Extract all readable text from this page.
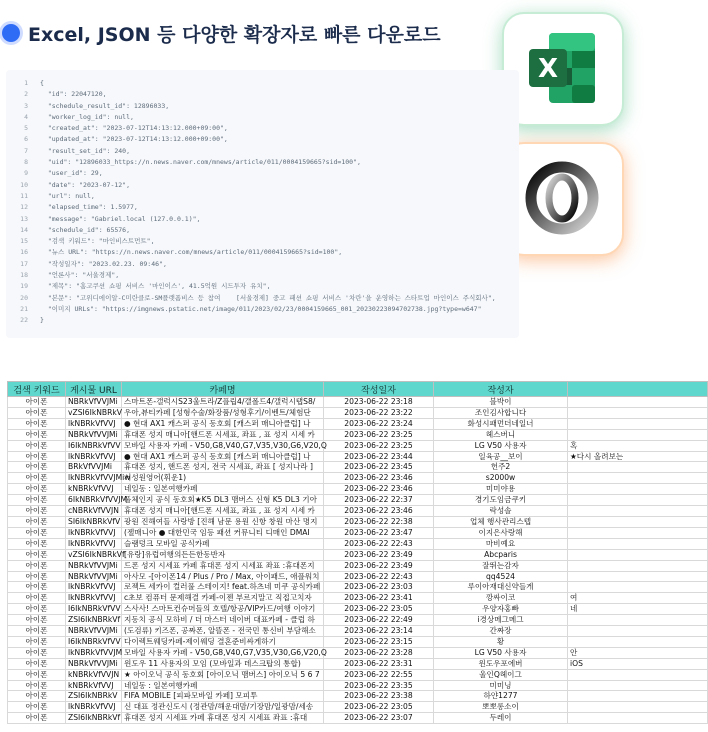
Excel, JSON 등 다양한 확장자로 빠른 다운로드
X
1	{
2	"id": 22047120,
3	"schedule_result_id": 12896033,
4	"worker_log_id": null,
5	"created_at": "2023-07-12T14:13:12.000+09:00",
6	"updated_at": "2023-07-12T14:13:12.000+09:00",
7	"result_set_id": 240,
8	"uid": "12896033_https://n.news.naver.com/mnews/article/011/0004159665?sid=100",
9	"user_id": 29,
10	"date": "2023-07-12",
11	"url": null,
12	"elapsed_time": 1.5977,
13	"message": "Gabriel.local (127.0.0.1)",
14	"schedule_id": 65576,
15	"검색 키워드": "마인비스트먼트",
16	"뉴스 URL": "https://n.news.naver.com/mnews/article/011/0004159665?sid=100",
17	"작성일자": "2023.02.23. 09:46",
18	"언론사": "서울경제",
19	"제목": "홈고쿠션 쇼핑 서비스 '마인이스', 41.5억원 시드투자 유치",
20	"본문": "고위디에이알-C미란클로-SM플랫폼비스 등 참여    [서울경제] 중고 패션 쇼핑 서비스 '차란'을 운영하는 스타트업 마인이스 주식회사",
21	"이미지 URLs": "https://imgnews.pstatic.net/image/011/2023/02/23/0004159665_001_20230223094702738.jpg?type=w647"
22	}
검색 키워드	게시물 URL	카페명	작성일자	작성자	
아이폰	NBRkVfVVJMi	스마트폰-갤럭시S23울트라/Z플립4/갤폴드4/갤럭시탭S8/	2023-06-22 23:18	블박이	
아이폰	vZSI6IkNBRkV	우아,뷰티카페 [성형수술/화장품/성형후기/이벤트/체험단	2023-06-22 23:22	조인김사합니다	
아이폰	lkNBRkVfVVJ	● 현대 AX1 캐스퍼 공식 동호회 [캐스퍼 매니아클럽] 나	2023-06-22 23:24	화성시패먼더네일너	
아이폰	NBRkVfVVJMi	휴대폰 성지 매니아[핸드폰 시세표, 좌표 , 표 성지 시세 카	2023-06-22 23:25	헤스버니	
아이폰	I6IkNBRkVfVV	모바일 사용자 카페 - V50,G8,V40,G7,V35,V30,G6,V20,Q	2023-06-22 23:25	LG V50 사용자	혹
아이폰	lkNBRkVfVVJ	● 현대 AX1 캐스퍼 공식 동호회 [캐스퍼 매니아클럽] 나	2023-06-22 23:44	일육공__보이	★다시 올려보는
아이폰	BRkVfVVJMi	휴대폰 성지, 핸드폰 성지, 전국 시세표, 좌표 [ 성지나라 ]	2023-06-22 23:45	헌주2	
아이폰	lkNBRkVfVVJMiw	서성원영어(휘운1)	2023-06-22 23:46	s2000w	
아이폰	kNBRkVfVVJ	네일동 : 일본여행카페	2023-06-22 23:46	미미야용	
아이폰	6IkNBRkVfVVJM	풀체인지 공식 동호회★K5 DL3 맴버스 신형 K5 DL3 기아	2023-06-22 22:37	경기도임금쿠키	
아이폰	cNBRkVfVVJN	휴대폰 성지 매니아[핸드폰 시세표, 좌표 , 표 성지 시세 카	2023-06-22 23:46	락성솔	
아이폰	SI6IkNBRkVfV	광원 진해여들 사랑방 [진해 남문 용원 신항 창원 마산 명지	2023-06-22 22:38	업체 행사관리스텝	
아이폰	lkNBRkVfVVJ	(젤매니아 ● 대한민국 임등 패션 커뮤니티 디매인 DMAI	2023-06-22 23:47	이지은사랑해	
아이폰	lkNBRkVfVVJ	슬램덩크 모바일 공식카페	2023-06-22 22:43	마비예요	
아이폰	vZSI6IkNBRkVf	[유랑]유럽여행의든든한동반자	2023-06-22 23:49	Abcparis	
아이폰	NBRkVfVVJMi	드폰 성지 시세표 카페 휴대폰 성지 시세표 좌표 :휴대폰지	2023-06-22 23:49	잘뛰는감자	
아이폰	NBRkVfVVJMi	아사모 -[아이폰14 / Plus / Pro / Max, 아이패드, 애플워치	2023-06-22 22:43	qq4524	
아이폰	lkNBRkVfVVJ	로젝트 세카이 컬러풀 스테이지! feat.하츠네 미쿠 공식카페	2023-06-22 23:03	루이아재대신약들게	
아이폰	lkNBRkVfVVJ	c초보 컴퓨터 문제해결 카페-이젠 부르지말고 직접고치자	2023-06-22 23:41	깡싸이코	여
아이폰	I6IkNBRkVfVV	스사사! 스마트컨슈머들의 호텔/항공/VIP카드/여행 이야기	2023-06-22 23:05	우양자홍빠	네
아이폰	ZSI6IkNBRkVf	지동치 공식 모하비 / 더 마스터 네이버 대표카페 - 클럽 하	2023-06-22 22:49	i경상메그메그	
아이폰	NBRkVfVVJMi	(도검류) 키즈폰, 공짜폰, 알뜰폰 - 전국민 통신비 부담해소	2023-06-22 23:14	간짜장	
아이폰	I6IkNBRkVfVV	다이렉트웨딩카페-제이웨딩 결혼준비싸게하기	2023-06-22 23:15	황	
아이폰	lkNBRkVfVVJM	모바일 사용자 카페 - V50,G8,V40,G7,V35,V30,G6,V20,Q	2023-06-22 23:28	LG V50 사용자	안
아이폰	NBRkVfVVJMi	윈도우 11 사용자의 모임 (모바일과 데스크탑의 통합)	2023-06-22 23:31	윈도우포에버	iOS
아이폰	kNBRkVfVVJN	★ 아이오닉 공식 동호회 [아이오닉 맴버스] 아이오닉 5 6 7	2023-06-22 22:55	울인Q헤이그	
아이폰	kNBRkVfVVJ	네일동 : 일본여행카페	2023-06-22 23:35	미미닝	
아이폰	ZSI6IkNBRkV	FIFA MOBILE [피파모바일 카페] 모피투	2023-06-22 23:38	하얀1277	
아이폰	lkNBRkVfVVJ	신 대표 정관신도시 (정관맘/해운대맘/기장맘/일광맘/세송	2023-06-22 23:05	뽀뽀롱소이	
아이폰	ZSI6IkNBRkVf	휴대폰 성지 시세표 카페 휴대폰 성지 시세표 좌표 :휴대	2023-06-22 23:07	두레이	
